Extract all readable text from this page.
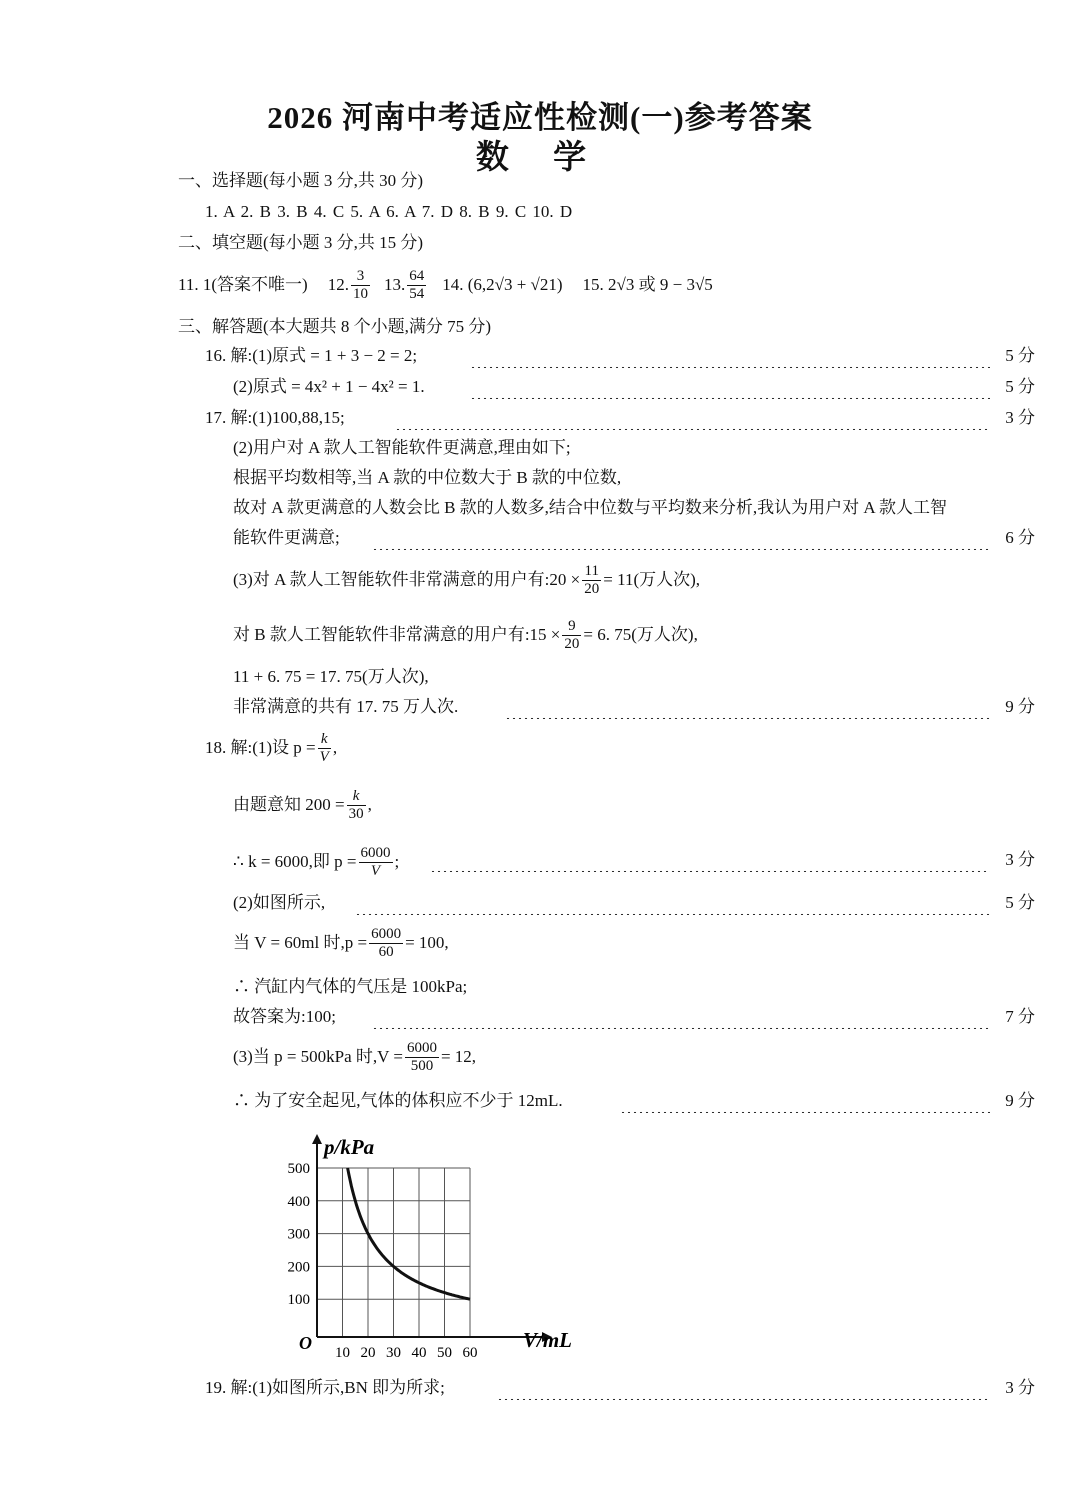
2026 河南中考适应性检测(一)参考答案
数 学
一、选择题(每小题 3 分,共 30 分)
1. A 2. B 3. B 4. C 5. A 6. A 7. D 8. B 9. C 10. D
二、填空题(每小题 3 分,共 15 分)
11. 1(答案不唯一) 12. $\frac{3}{10} 13$. $\frac{64}{54} 14$. (6,2√3 + √21) 15. 2√3 或 9 − 3√5
三、解答题(本大题共 8 个小题,满分 75 分)
16. 解:(1)原式 = 1 + 3 − 2 = 2;	5 分
(2)原式 = 4x² + 1 − 4x² = 1.	5 分
17. 解:(1)100,88,15;	3 分
(2)用户对 A 款人工智能软件更满意,理由如下;
根据平均数相等,当 A 款的中位数大于 B 款的中位数,
故对 A 款更满意的人数会比 B 款的人数多,结合中位数与平均数来分析,我认为用户对 A 款人工智
能软件更满意;	6 分
(3)对 A 款人工智能软件非常满意的用户有:20 × $\frac{11}{20} = 11$(万人次),
对 B 款人工智能软件非常满意的用户有:15 × $\frac{9}{20} = 6$. 75(万人次),
11 + 6. 75 = 17. 75(万人次),
非常满意的共有 17. 75 万人次.	9 分
18. 解:(1)设 $p = \frac{k}{V}$ ,
由题意知 $200 = \frac{k}{30}$ ,
∴ k = 6000,即 $p = \frac{6000}{V}$ ;	3 分
(2)如图所示,	5 分
当 V = 60ml 时$,p = \frac{6000}{60} = 100$,
∴ 汽缸内气体的气压是 100kPa;
故答案为:100;	7 分
(3)当 p = 500kPa 时$,V = \frac{6000}{500} = 12$,
∴ 为了安全起见,气体的体积应不少于 12mL.	9 分
10 20 30 40 50 60
100
200
300
400
500
p/kPa
V/mL
O
19. 解:(1)如图所示,BN 即为所求;	3 分
